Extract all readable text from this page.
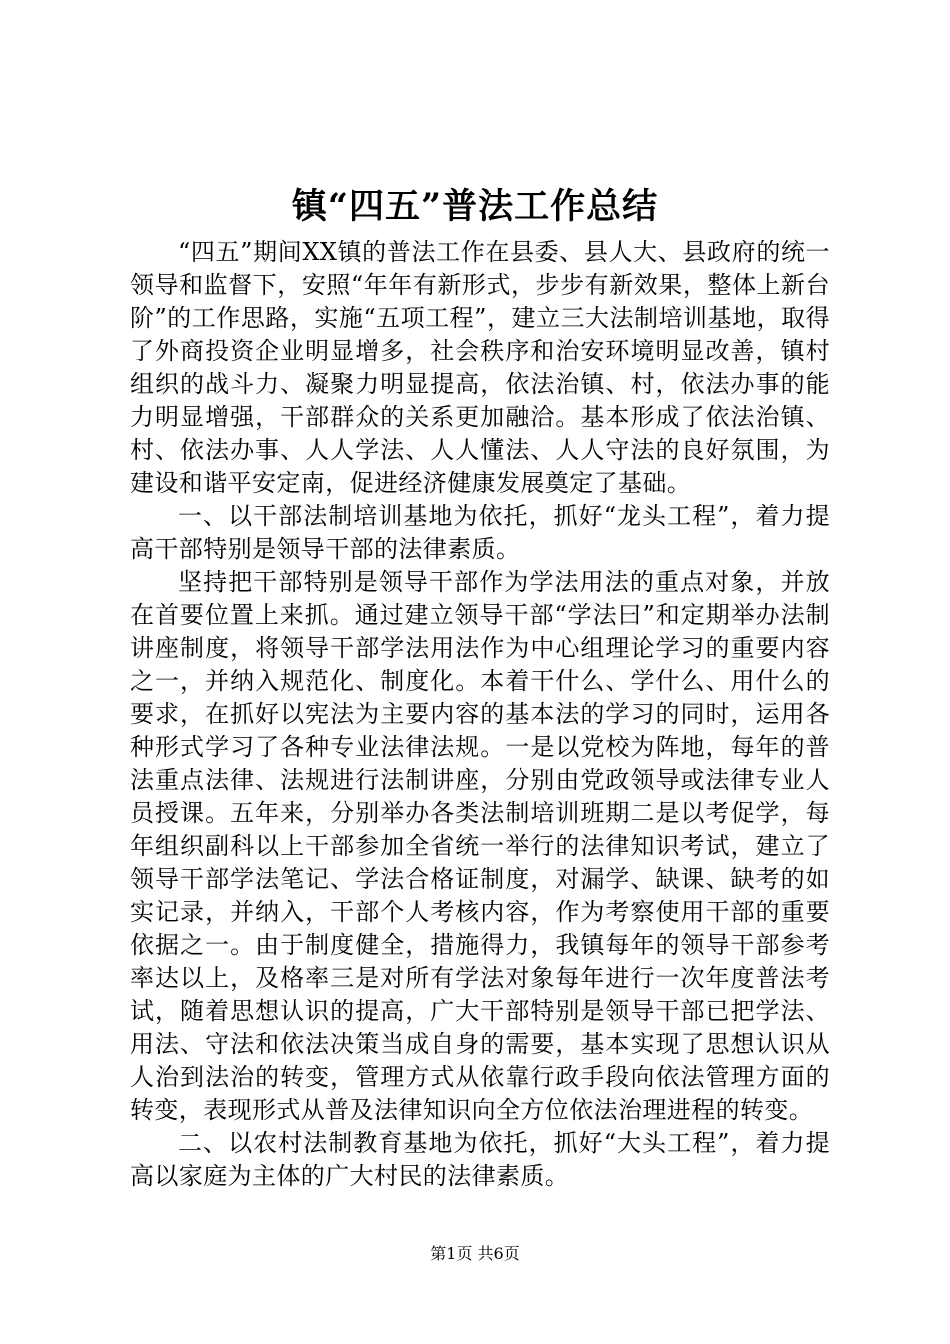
镇“四五”普法工作总结

“四五”期间XX镇的普法工作在县委、县人大、县政府的统一领导和监督下，安照“年年有新形式，步步有新效果，整体上新台阶”的工作思路，实施“五项工程”，建立三大法制培训基地，取得了外商投资企业明显增多，社会秩序和治安环境明显改善，镇村组织的战斗力、凝聚力明显提高，依法治镇、村，依法办事的能力明显增强，干部群众的关系更加融洽。基本形成了依法治镇、村、依法办事、人人学法、人人懂法、人人守法的良好氛围，为建设和谐平安定南，促进经济健康发展奠定了基础。

一、以干部法制培训基地为依托，抓好“龙头工程”，着力提高干部特别是领导干部的法律素质。

坚持把干部特别是领导干部作为学法用法的重点对象，并放在首要位置上来抓。通过建立领导干部“学法曰”和定期举办法制讲座制度，将领导干部学法用法作为中心组理论学习的重要内容之一，并纳入规范化、制度化。本着干什么、学什么、用什么的要求，在抓好以宪法为主要内容的基本法的学习的同时，运用各种形式学习了各种专业法律法规。一是以党校为阵地，每年的普法重点法律、法规进行法制讲座，分别由党政领导或法律专业人员授课。五年来，分别举办各类法制培训班期二是以考促学，每年组织副科以上干部参加全省统一举行的法律知识考试，建立了领导干部学法笔记、学法合格证制度，对漏学、缺课、缺考的如实记录，并纳入，干部个人考核内容，作为考察使用干部的重要依据之一。由于制度健全，措施得力，我镇每年的领导干部参考率达以上，及格率三是对所有学法对象每年进行一次年度普法考试，随着思想认识的提高，广大干部特别是领导干部已把学法、用法、守法和依法决策当成自身的需要，基本实现了思想认识从人治到法治的转变，管理方式从依靠行政手段向依法管理方面的转变，表现形式从普及法律知识向全方位依法治理进程的转变。

二、以农村法制教育基地为依托，抓好“大头工程”，着力提高以家庭为主体的广大村民的法律素质。

第1页 共6页
